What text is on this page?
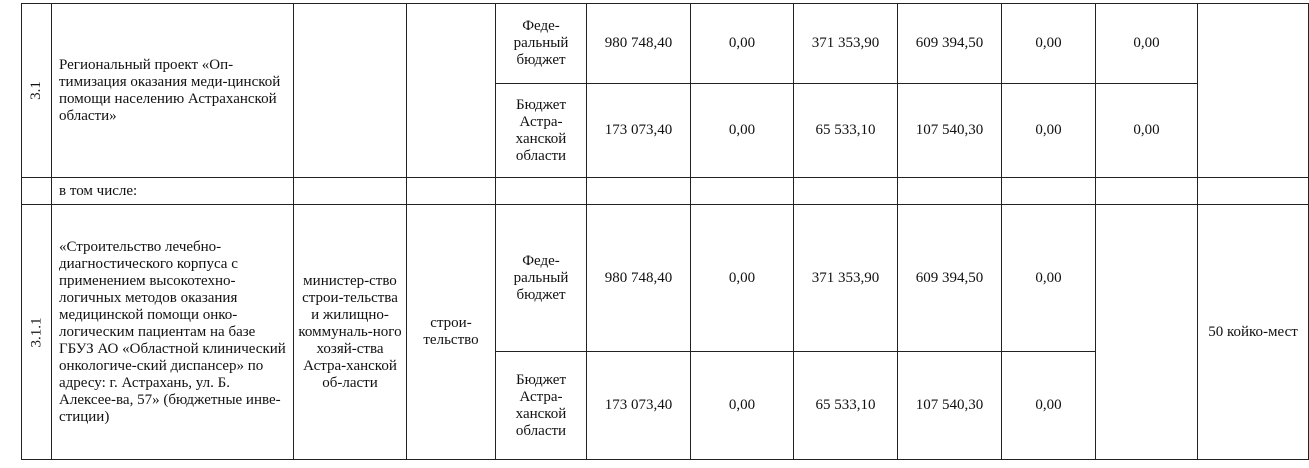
3.1	Региональный проект «Оп-тимизация оказания меди-цинской помощи населению Астраханской области»			Феде-ральный бюджет	980 748,40	0,00	371 353,90	609 394,50	0,00	0,00	
				Бюджет Астра-ханской области	173 073,40	0,00	65 533,10	107 540,30	0,00	0,00	
	в том числе:										
3.1.1	«Строительство лечебно-диагностического корпуса с применением высокотехно-логичных методов оказания медицинской помощи онко-логическим пациентам на базе ГБУЗ АО «Областной клинический онкологиче-ский диспансер» по адресу: г. Астрахань, ул. Б. Алексее-ва, 57» (бюджетные инве-стиции)	министер-ство строи-тельства и жилищно-коммуналь-ного хозяй-ства Астра-ханской об-ласти	строи-тельство	Феде-ральный бюджет	980 748,40	0,00	371 353,90	609 394,50	0,00		50 койко-мест
				Бюджет Астра-ханской области	173 073,40	0,00	65 533,10	107 540,30	0,00		
